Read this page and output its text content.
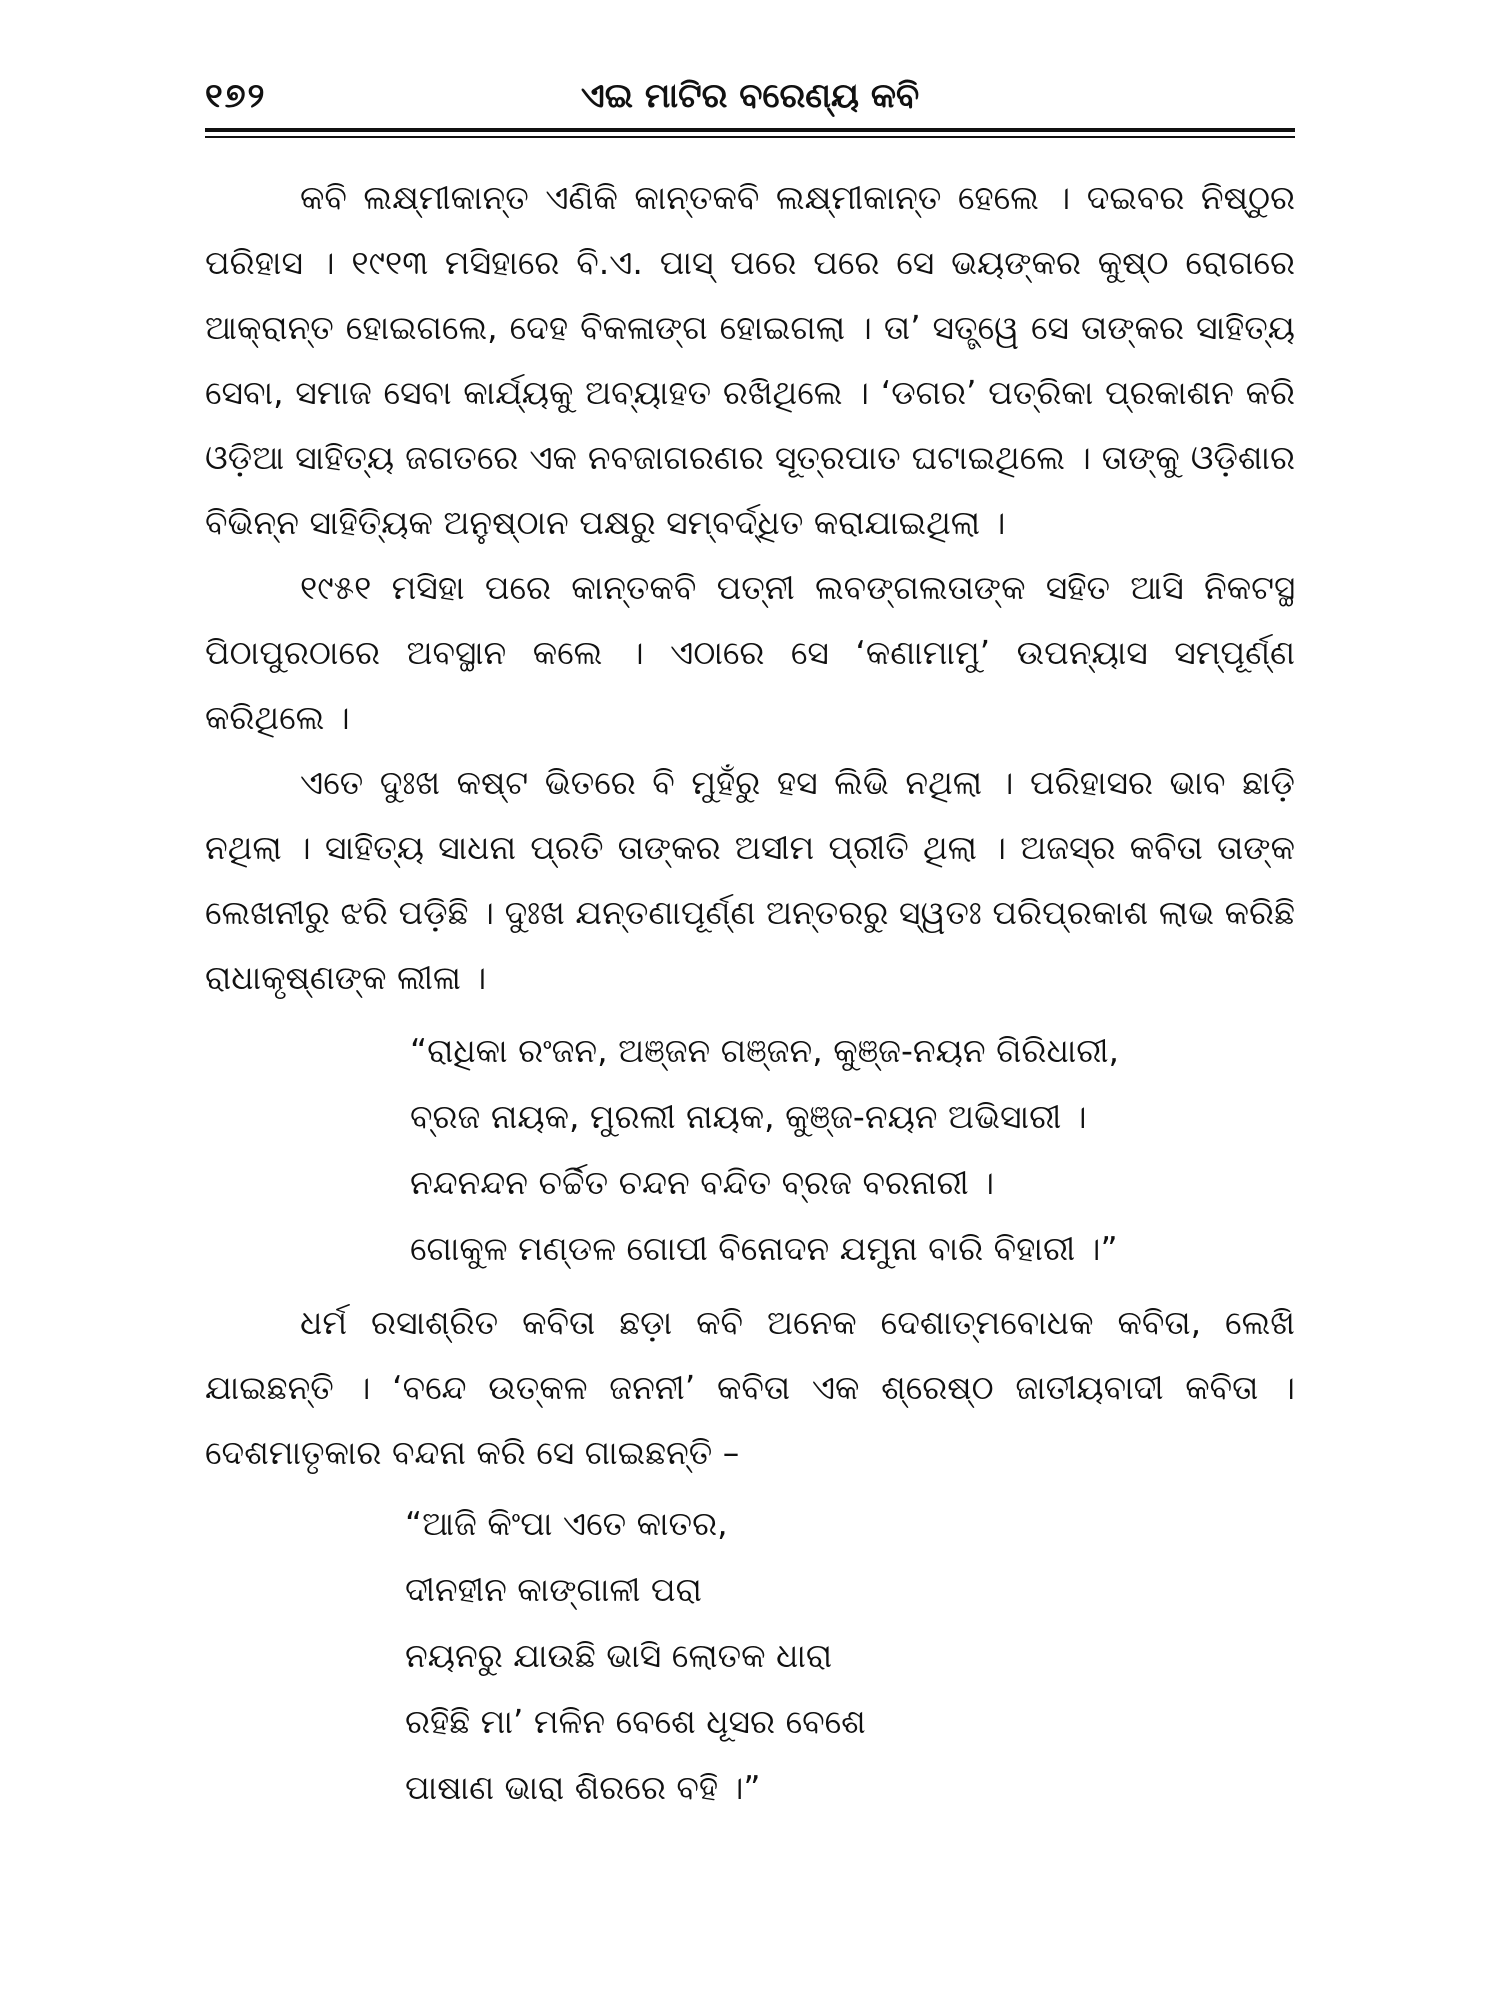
୧୭୨	ଏଇ ମାଟିର ବରେଣ୍ୟ କବି

କବି ଲକ୍ଷ୍ମୀକାନ୍ତ ଏଣିକି କାନ୍ତକବି ଲକ୍ଷ୍ମୀକାନ୍ତ ହେଲେ । ଦଇବର ନିଷ୍ଠୁର ପରିହାସ । ୧୯୧୩ ମସିହାରେ ବି.ଏ. ପାସ୍ ପରେ ପରେ ସେ ଭୟଙ୍କର କୁଷ୍ଠ ରୋଗରେ ଆକ୍ରାନ୍ତ ହୋଇଗଲେ, ଦେହ ବିକଳାଙ୍ଗ ହୋଇଗଲା । ତା’ ସତ୍ତ୍ୱେ ସେ ତାଙ୍କର ସାହିତ୍ୟ ସେବା, ସମାଜ ସେବା କାର୍ଯ୍ୟକୁ ଅବ୍ୟାହତ ରଖିଥିଲେ । ‘ଡଗର’ ପତ୍ରିକା ପ୍ରକାଶନ କରି ଓଡ଼ିଆ ସାହିତ୍ୟ ଜଗତରେ ଏକ ନବଜାଗରଣର ସୂତ୍ରପାତ ଘଟାଇଥିଲେ । ତାଙ୍କୁ ଓଡ଼ିଶାର ବିଭିନ୍ନ ସାହିତ୍ୟିକ ଅନୁଷ୍ଠାନ ପକ୍ଷରୁ ସମ୍ବର୍ଦ୍ଧିତ କରାଯାଇଥିଲା ।

୧୯୫୧ ମସିହା ପରେ କାନ୍ତକବି ପତ୍ନୀ ଲବଙ୍ଗଲତାଙ୍କ ସହିତ ଆସି ନିକଟସ୍ଥ ପିଠାପୁରଠାରେ ଅବସ୍ଥାନ କଲେ । ଏଠାରେ ସେ ‘କଣାମାମୁ’ ଉପନ୍ୟାସ ସମ୍ପୂର୍ଣ୍ଣ କରିଥିଲେ ।

ଏତେ ଦୁଃଖ କଷ୍ଟ ଭିତରେ ବି ମୁହଁରୁ ହସ ଲିଭି ନଥିଲା । ପରିହାସର ଭାବ ଛାଡ଼ି ନଥିଲା । ସାହିତ୍ୟ ସାଧନା ପ୍ରତି ତାଙ୍କର ଅସୀମ ପ୍ରୀତି ଥିଲା । ଅଜସ୍ର କବିତା ତାଙ୍କ ଲେଖନୀରୁ ଝରି ପଡ଼ିଛି । ଦୁଃଖ ଯନ୍ତଣାପୂର୍ଣ୍ଣ ଅନ୍ତରରୁ ସ୍ୱତଃ ପରିପ୍ରକାଶ ଲାଭ କରିଛି ରାଧାକୃଷ୍ଣଙ୍କ ଲୀଳା ।

“ରାଧିକା ରଂଜନ, ଅଞ୍ଜନ ଗଞ୍ଜନ, କୁଞ୍ଜ-ନୟନ ଗିରିଧାରୀ,
ବ୍ରଜ ନାୟକ, ମୁରଲୀ ନାୟକ, କୁଞ୍ଜ-ନୟନ ଅଭିସାରୀ ।
ନନ୍ଦନନ୍ଦନ ଚର୍ଚ୍ଚିତ ଚନ୍ଦନ ବନ୍ଦିତ ବ୍ରଜ ବରନାରୀ ।
ଗୋକୁଳ ମଣ୍ଡଳ ଗୋପୀ ବିନୋଦନ ଯମୁନା ବାରି ବିହାରୀ ।”

ଧର୍ମ ରସାଶ୍ରିତ କବିତା ଛଡ଼ା କବି ଅନେକ ଦେଶାତ୍ମବୋଧକ କବିତା, ଲେଖି ଯାଇଛନ୍ତି । ‘ବନ୍ଦେ ଉତ୍କଳ ଜନନୀ’ କବିତା ଏକ ଶ୍ରେଷ୍ଠ ଜାତୀୟବାଦୀ କବିତା । ଦେଶମାତୃକାର ବନ୍ଦନା କରି ସେ ଗାଇଛନ୍ତି –

“ଆଜି କିଂପା ଏତେ କାତର,
ଦୀନହୀନ କାଙ୍ଗାଳୀ ପରା
ନୟନରୁ ଯାଉଛି ଭାସି ଲୋତକ ଧାରା
ରହିଛି ମା’ ମଳିନ ବେଶେ ଧୂସର ବେଶେ
ପାଷାଣ ଭାରା ଶିରରେ ବହି ।”
